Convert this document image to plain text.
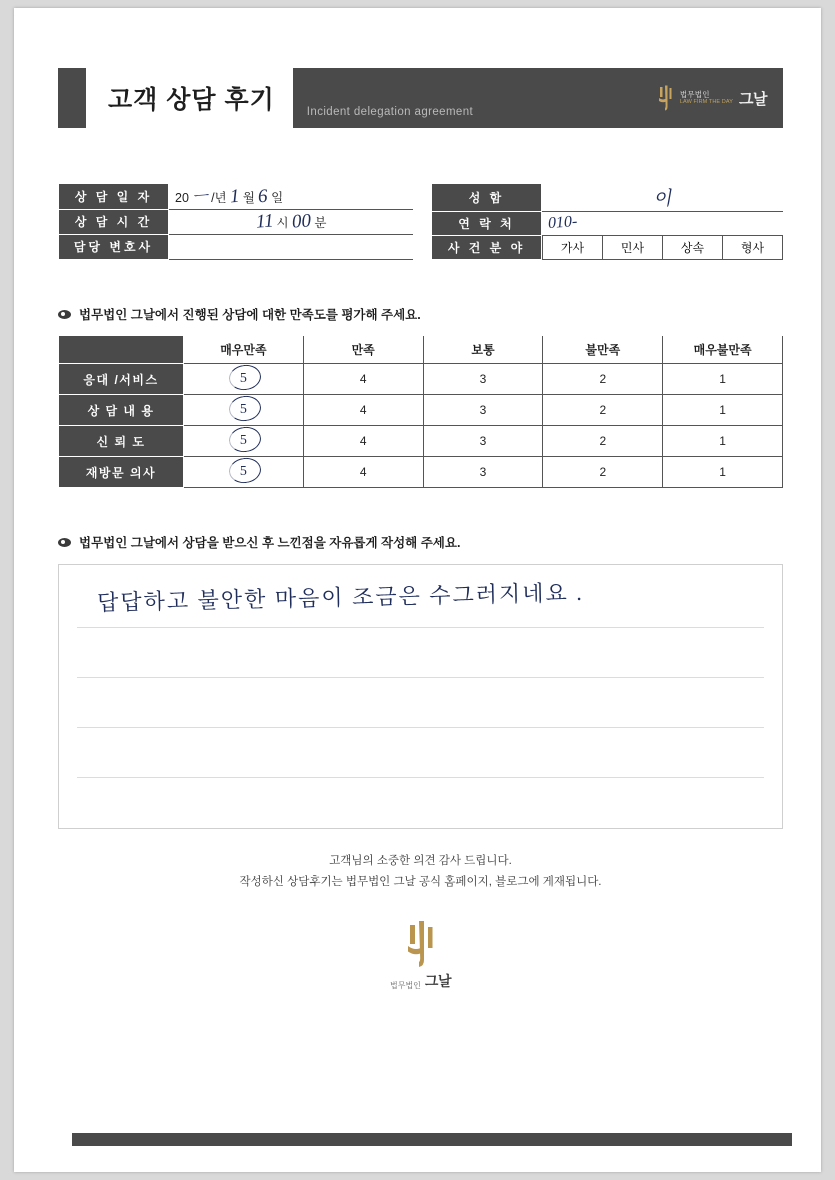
고객 상담 후기	Incident delegation agreement
법무법인
LAW FIRM THE DAY 그날
상 담 일 자	20 ㅡ /년 1 월 6 일
상 담 시 간	11 시 00 분
담당 변호사	
성 함	이
연 락 처	010-
사 건 분 야	가사 민사 상속 형사
법무법인 그날에서 진행된 상담에 대한 만족도를 평가해 주세요.
	매우만족	만족	보통	불만족	매우불만족
응대 /서비스	5	4	3	2	1
상 담 내 용	5	4	3	2	1
신 뢰 도	5	4	3	2	1
재방문 의사	5	4	3	2	1
법무법인 그날에서 상담을 받으신 후 느낀점을 자유롭게 작성해 주세요.
답답하고 불안한 마음이 조금은 수그러지네요 .
고객님의 소중한 의견 감사 드립니다.
작성하신 상담후기는 법무법인 그날 공식 홈페이지, 블로그에 게재됩니다.
법무법인 그날
